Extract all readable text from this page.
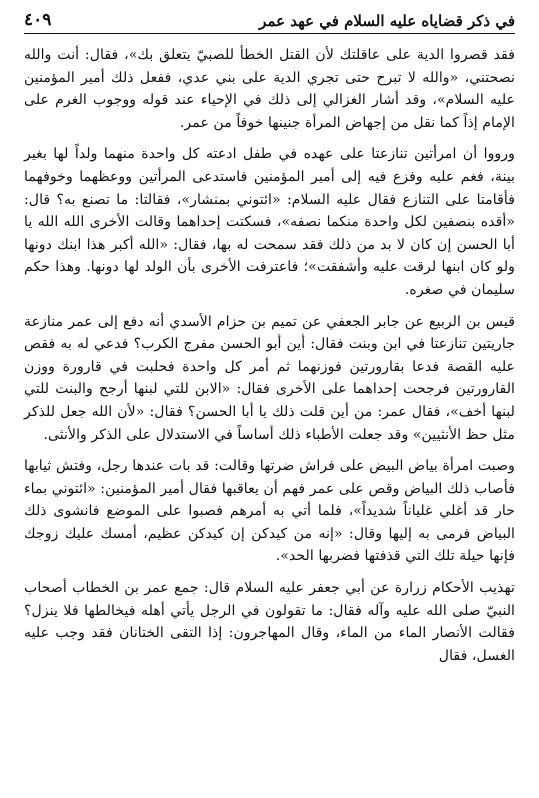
في ذكر قضاياه عليه السلام في عهد عمر
٤٠٩

فقد قصروا الدية على عاقلتك لأن القتل الخطأ للصبيّ يتعلق بك»، فقال: أنت والله نصحتني، «والله لا تبرح حتى تجري الدية على بني عدي، ففعل ذلك أمير المؤمنين عليه السلام»، وقد أشار الغزالي إلى ذلك في الإحياء عند قوله ووجوب الغرم على الإمام إذاً كما نقل من إجهاض المرأة جنينها خوفاً من عمر.

ورووا أن امرأتين تنازعتا على عهده في طفل ادعته كل واحدة منهما ولداً لها بغير بينة، فغم عليه وفزع فيه إلى أمير المؤمنين فاستدعى المرأتين ووعظهما وخوفهما فأقامتا على التنازع فقال عليه السلام: «ائتوني بمنشار»، فقالتا: ما تصنع به؟ قال: «أقده بنصفين لكل واحدة منكما نصفه»، فسكتت إحداهما وقالت الأخرى الله الله يا أبا الحسن إن كان لا بد من ذلك فقد سمحت له بها، فقال: «الله أكبر هذا ابنك دونها ولو كان ابنها لرقت عليه وأشفقت»؛ فاعترفت الأخرى بأن الولد لها دونها. وهذا حكم سليمان في صغره.

قيس بن الربيع عن جابر الجعفي عن تميم بن حزام الأسدي أنه دفع إلى عمر منازعة جاريتين تنازعتا في ابن وبنت فقال: أين أبو الحسن مفرج الكرب؟ فدعي له به فقص عليه القصة فدعا بقارورتين فوزنهما ثم أمر كل واحدة فحلبت في قارورة ووزن القارورتين فرجحت إحداهما على الأخرى فقال: «الابن للتي لبنها أرجح والبنت للتي لبنها أخف»، فقال عمر: من أين قلت ذلك يا أبا الحسن؟ فقال: «لأن الله جعل للذكر مثل حظ الأنثيين» وقد جعلت الأطباء ذلك أساساً في الاستدلال على الذكر والأنثى.

وصبت امرأة بياض البيض على فراش ضرتها وقالت: قد بات عندها رجل، وفتش ثيابها فأصاب ذلك البياض وقص على عمر فهم أن يعاقبها فقال أمير المؤمنين: «ائتوني بماء حار قد أغلي غلياناً شديداً»، فلما أتي به أمرهم فصبوا على الموضع فانشوى ذلك البياض فرمى به إليها وقال: «إنه من كيدكن إن كيدكن عظيم، أمسك عليك زوجك فإنها حيلة تلك التي قذفتها فضربها الحد».

تهذيب الأحكام زرارة عن أبي جعفر عليه السلام قال: جمع عمر بن الخطاب أصحاب النبيّ صلى الله عليه وآله فقال: ما تقولون في الرجل يأتي أهله فيخالطها فلا ينزل؟ فقالت الأنصار الماء من الماء، وقال المهاجرون: إذا التقى الختانان فقد وجب عليه الغسل، فقال
